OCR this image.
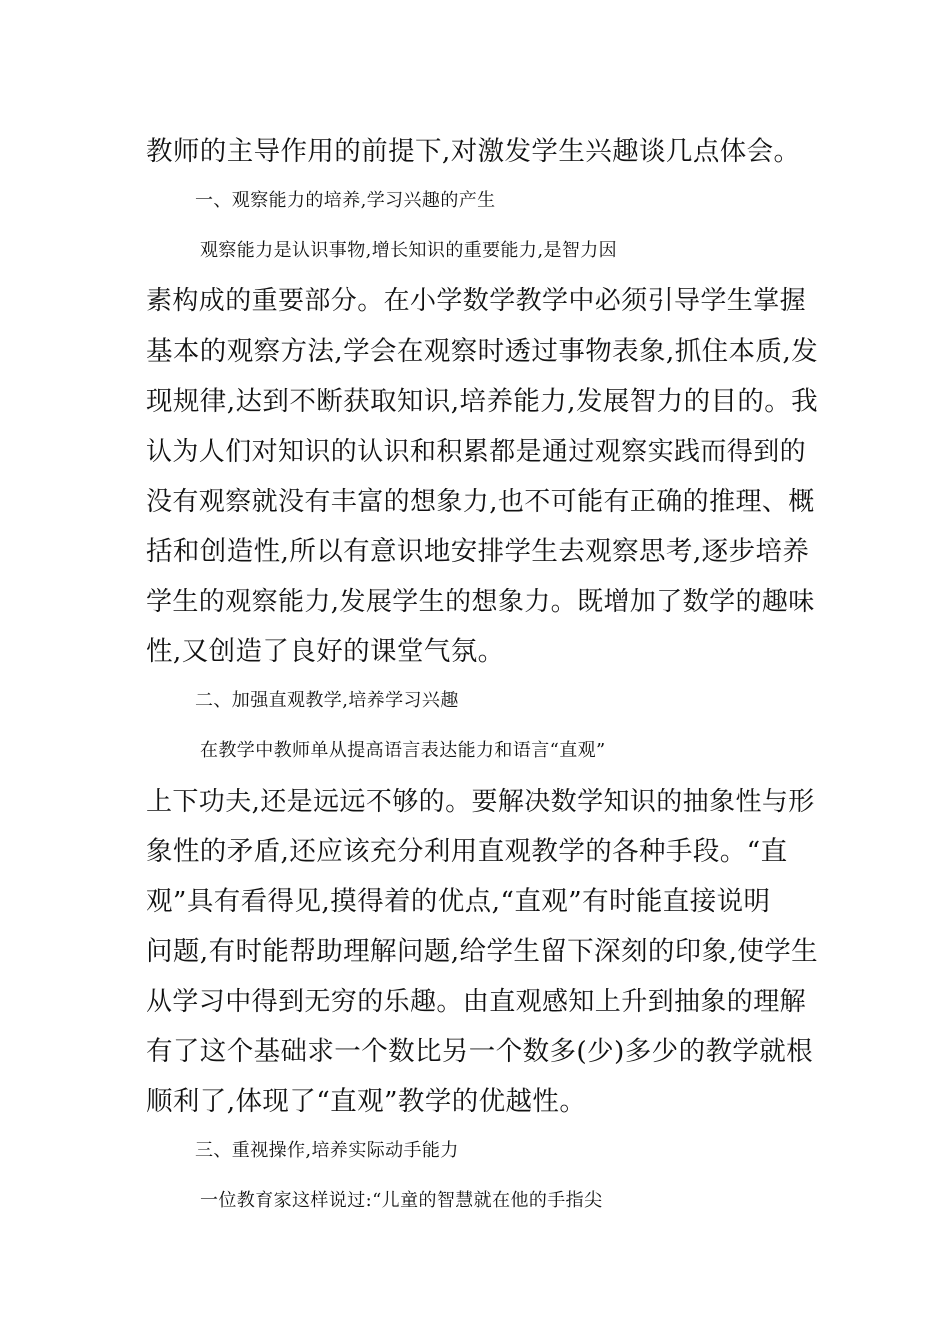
教师的主导作用的前提下,对激发学生兴趣谈几点体会。
一、观察能力的培养,学习兴趣的产生
观察能力是认识事物,增长知识的重要能力,是智力因
素构成的重要部分。在小学数学教学中必须引导学生掌握
基本的观察方法,学会在观察时透过事物表象,抓住本质,发
现规律,达到不断获取知识,培养能力,发展智力的目的。我
认为人们对知识的认识和积累都是通过观察实践而得到的
没有观察就没有丰富的想象力,也不可能有正确的推理、概
括和创造性,所以有意识地安排学生去观察思考,逐步培养
学生的观察能力,发展学生的想象力。既增加了数学的趣味
性,又创造了良好的课堂气氛。
二、加强直观教学,培养学习兴趣
在教学中教师单从提高语言表达能力和语言“直观”
上下功夫,还是远远不够的。要解决数学知识的抽象性与形
象性的矛盾,还应该充分利用直观教学的各种手段。“直
观”具有看得见,摸得着的优点,“直观”有时能直接说明
问题,有时能帮助理解问题,给学生留下深刻的印象,使学生
从学习中得到无穷的乐趣。由直观感知上升到抽象的理解
有了这个基础求一个数比另一个数多(少)多少的教学就根
顺利了,体现了“直观”教学的优越性。
三、重视操作,培养实际动手能力
一位教育家这样说过:“儿童的智慧就在他的手指尖
